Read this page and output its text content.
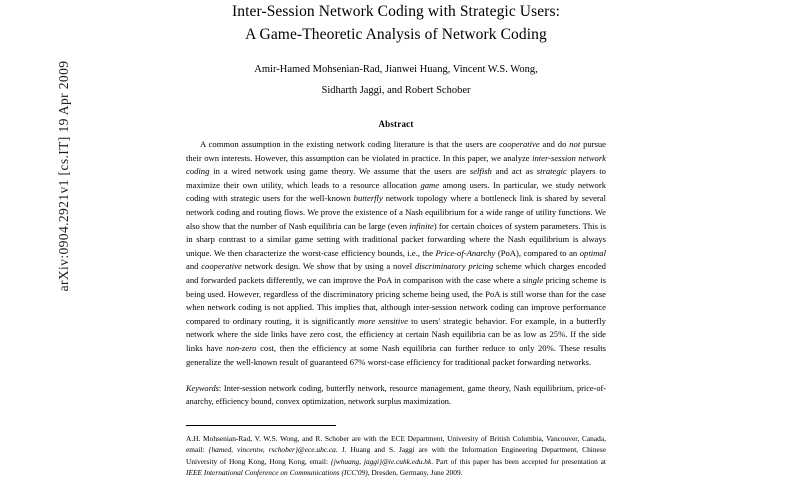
arXiv:0904.2921v1 [cs.IT] 19 Apr 2009
Inter-Session Network Coding with Strategic Users:
A Game-Theoretic Analysis of Network Coding
Amir-Hamed Mohsenian-Rad, Jianwei Huang, Vincent W.S. Wong,
Sidharth Jaggi, and Robert Schober
Abstract
A common assumption in the existing network coding literature is that the users are cooperative and do not pursue their own interests. However, this assumption can be violated in practice. In this paper, we analyze inter-session network coding in a wired network using game theory. We assume that the users are selfish and act as strategic players to maximize their own utility, which leads to a resource allocation game among users. In particular, we study network coding with strategic users for the well-known butterfly network topology where a bottleneck link is shared by several network coding and routing flows. We prove the existence of a Nash equilibrium for a wide range of utility functions. We also show that the number of Nash equilibria can be large (even infinite) for certain choices of system parameters. This is in sharp contrast to a similar game setting with traditional packet forwarding where the Nash equilibrium is always unique. We then characterize the worst-case efficiency bounds, i.e., the Price-of-Anarchy (PoA), compared to an optimal and cooperative network design. We show that by using a novel discriminatory pricing scheme which charges encoded and forwarded packets differently, we can improve the PoA in comparison with the case where a single pricing scheme is being used. However, regardless of the discriminatory pricing scheme being used, the PoA is still worse than for the case when network coding is not applied. This implies that, although inter-session network coding can improve performance compared to ordinary routing, it is significantly more sensitive to users' strategic behavior. For example, in a butterfly network where the side links have zero cost, the efficiency at certain Nash equilibria can be as low as 25%. If the side links have non-zero cost, then the efficiency at some Nash equilibria can further reduce to only 20%. These results generalize the well-known result of guaranteed 67% worst-case efficiency for traditional packet forwarding networks.
Keywords: Inter-session network coding, butterfly network, resource management, game theory, Nash equilibrium, price-of-anarchy, efficiency bound, convex optimization, network surplus maximization.
A.H. Mohsenian-Rad, V. W.S. Wong, and R. Schober are with the ECE Department, University of British Columbia, Vancouver, Canada, email: {hamed, vincentw, rschober}@ece.ubc.ca. J. Huang and S. Jaggi are with the Information Engineering Department, Chinese University of Hong Kong, Hong Kong, email: {jwhuang, jaggi}@ie.cuhk.edu.hk. Part of this paper has been accepted for presentation at IEEE International Conference on Communications (ICC'09), Dresden, Germany, June 2009.
